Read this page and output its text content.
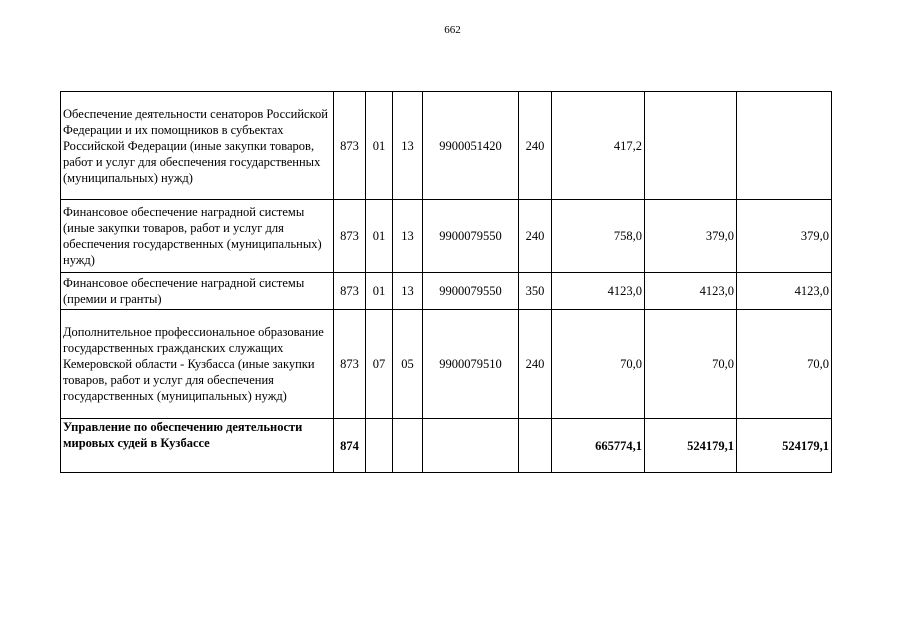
662
Обеспечение деятельности сенаторов Российской Федерации и их помощников в субъектах Российской Федерации (иные закупки товаров, работ и услуг для обеспечения государственных (муниципальных) нужд)	873	01	13	9900051420	240	417,2		
Финансовое обеспечение наградной системы (иные закупки товаров, работ и услуг для обеспечения государственных (муниципальных) нужд)	873	01	13	9900079550	240	758,0	379,0	379,0
Финансовое обеспечение наградной системы (премии и гранты)	873	01	13	9900079550	350	4123,0	4123,0	4123,0
Дополнительное профессиональное образование государственных гражданских служащих Кемеровской области - Кузбасса (иные закупки товаров, работ и услуг для обеспечения государственных (муниципальных) нужд)	873	07	05	9900079510	240	70,0	70,0	70,0
Управление по обеспечению деятельности мировых судей в Кузбассе	874					665774,1	524179,1	524179,1
